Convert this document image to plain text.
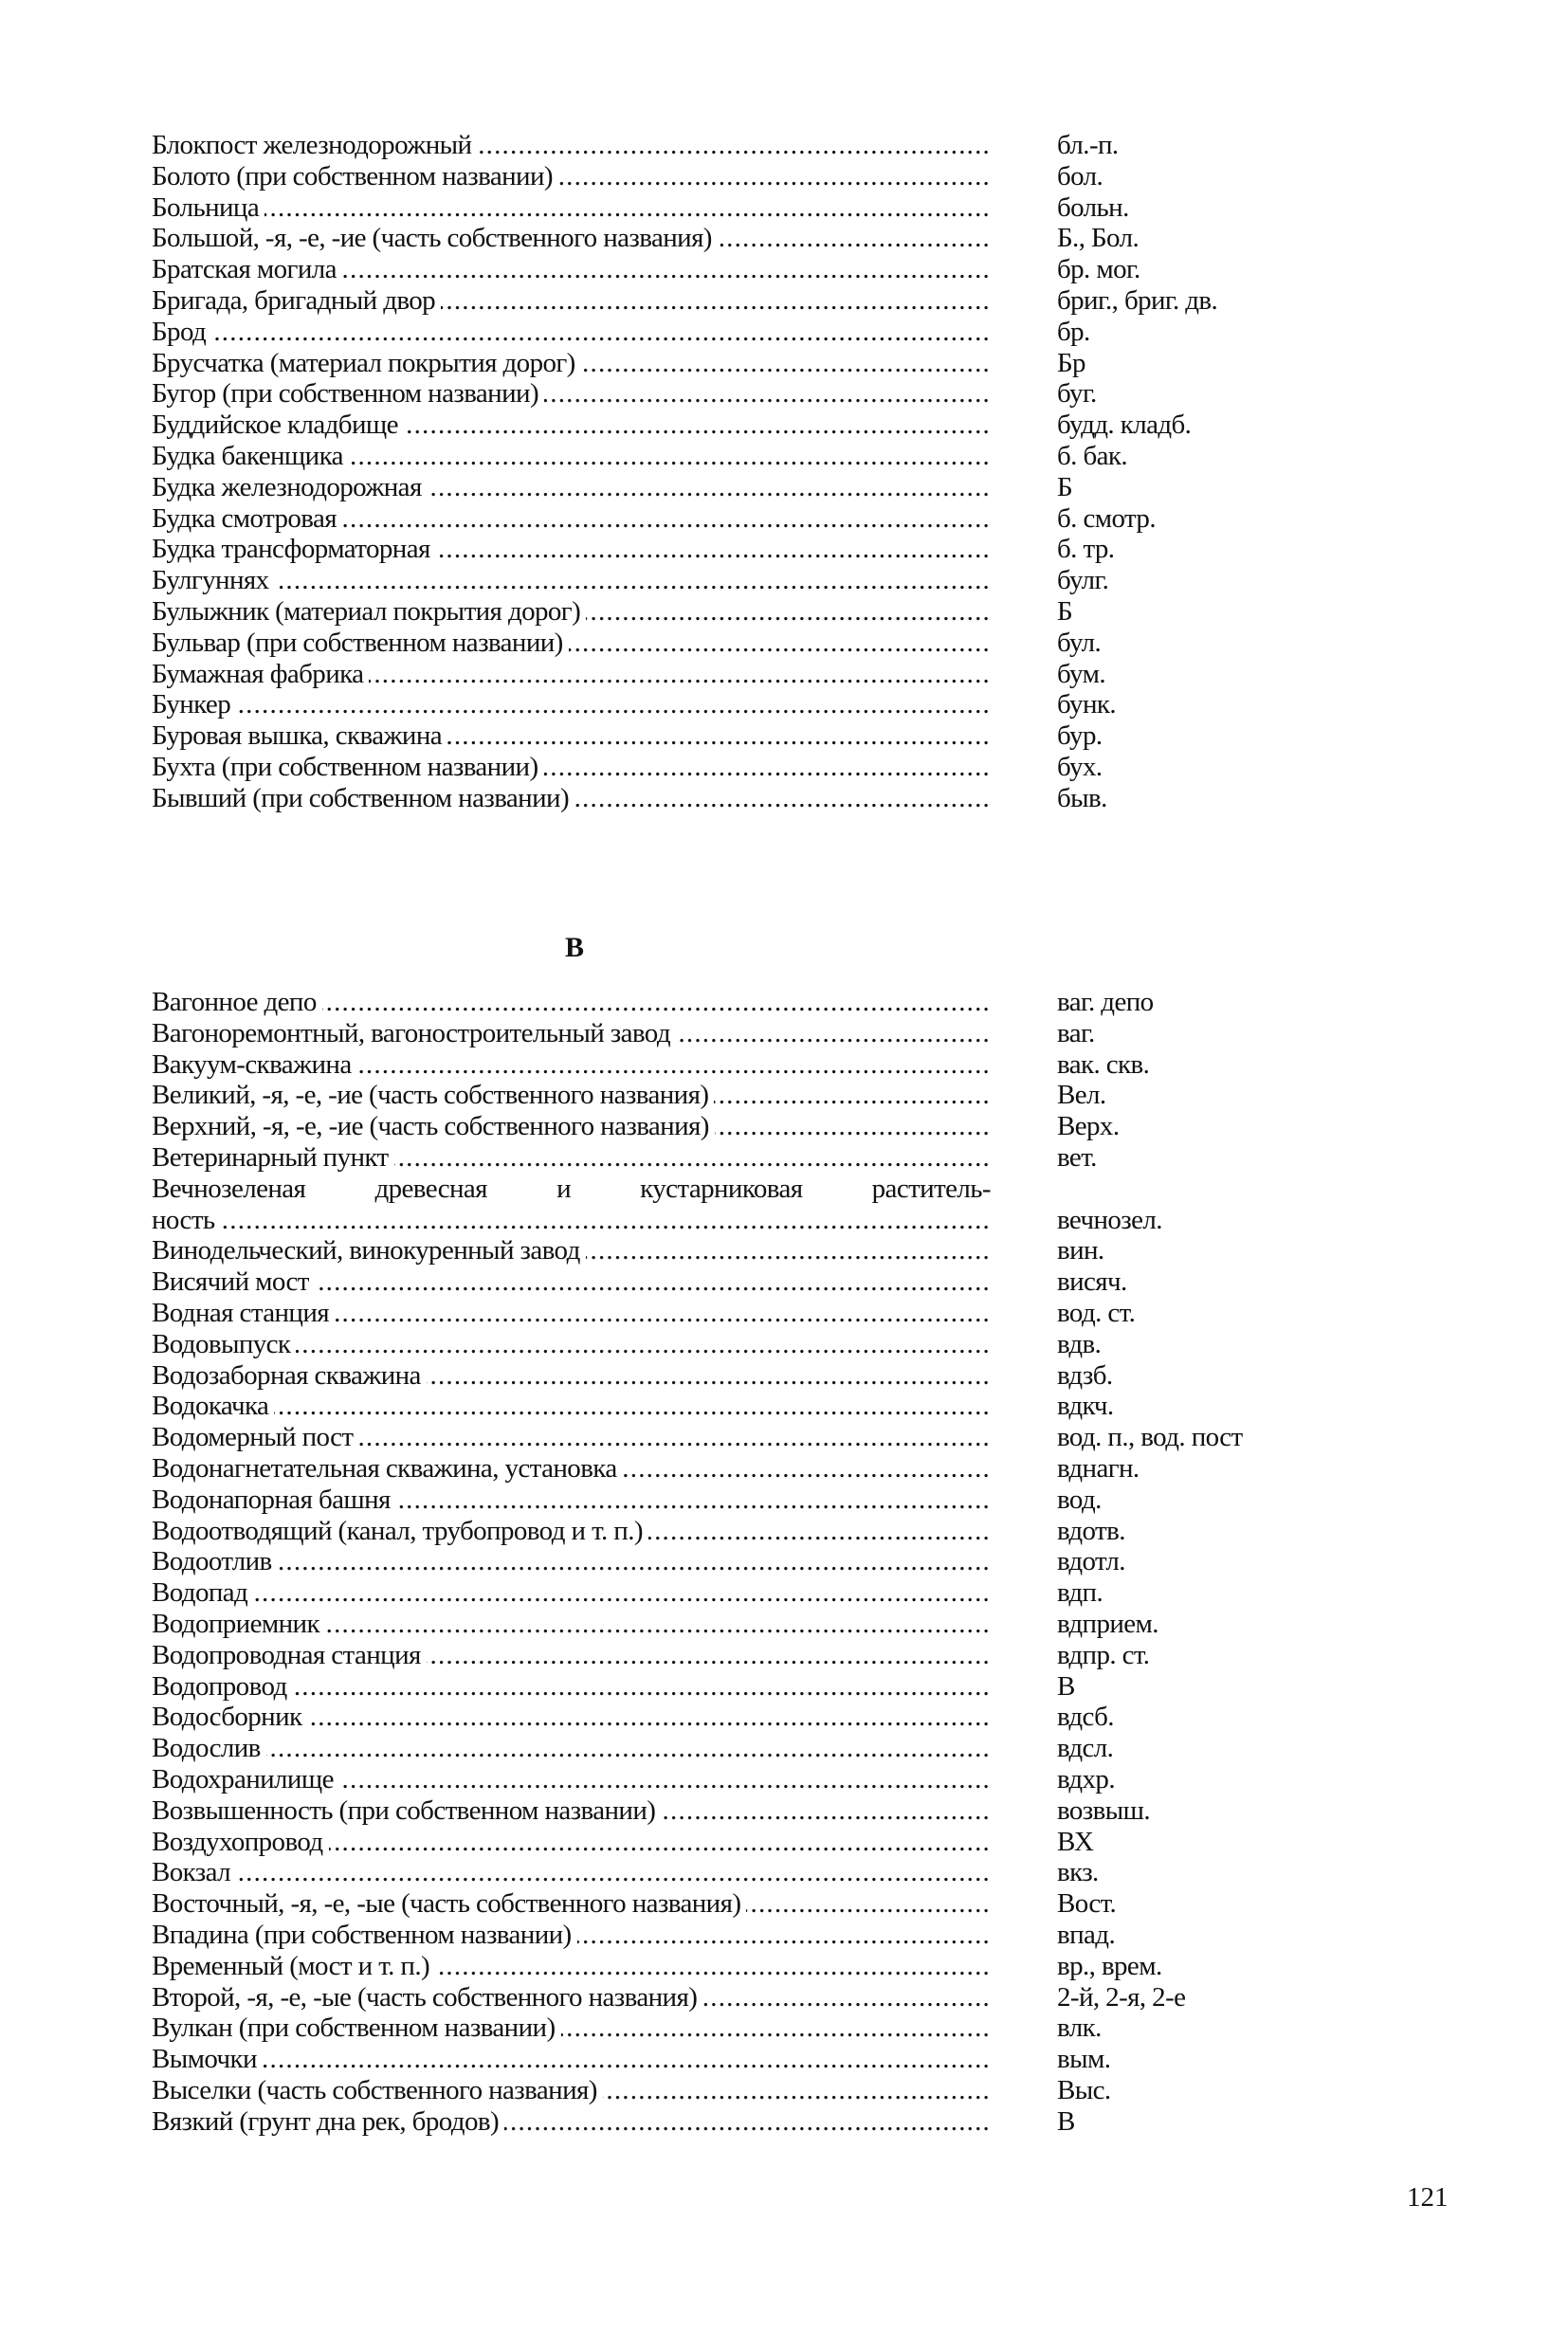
Блокпост железнодорожный .....	бл.-п.
Болото (при собственном названии) .....	бол.
Больница .....	больн.
Большой, -я, -е, -ие (часть собственного названия) .....	Б., Бол.
Братская могила .....	бр. мог.
Бригада, бригадный двор .....	бриг., бриг. дв.
Брод .....	бр.
Брусчатка (материал покрытия дорог) .....	Бр
Бугор (при собственном названии) .....	буг.
Буддийское кладбище .....	будд. кладб.
Будка бакенщика .....	б. бак.
Будка железнодорожная .....	Б
Будка смотровая .....	б. смотр.
Будка трансформаторная .....	б. тр.
Булгуннях .....	булг.
Булыжник (материал покрытия дорог) .....	Б
Бульвар (при собственном названии) .....	бул.
Бумажная фабрика .....	бум.
Бункер .....	бунк.
Буровая вышка, скважина .....	бур.
Бухта (при собственном названии) .....	бух.
Бывший (при собственном названии) .....	быв.
В
Вагонное депо .....	ваг. депо
Вагоноремонтный, вагоностроительный завод .....	ваг.
Вакуум-скважина .....	вак. скв.
Великий, -я, -е, -ие (часть собственного названия) .....	Вел.
Верхний, -я, -е, -ие (часть собственного названия) .....	Верх.
Ветеринарный пункт .....	вет.
Вечнозеленая древесная и кустарниковая раститель-
ность .....	вечнозел.
Винодельческий, винокуренный завод .....	вин.
Висячий мост .....	висяч.
Водная станция .....	вод. ст.
Водовыпуск .....	вдв.
Водозаборная скважина .....	вдзб.
Водокачка .....	вдкч.
Водомерный пост .....	вод. п., вод. пост
Водонагнетательная скважина, установка .....	вднагн.
Водонапорная башня .....	вод.
Водоотводящий (канал, трубопровод и т. п.) .....	вдотв.
Водоотлив .....	вдотл.
Водопад .....	вдп.
Водоприемник .....	вдприем.
Водопроводная станция .....	вдпр. ст.
Водопровод .....	В
Водосборник .....	вдсб.
Водослив .....	вдсл.
Водохранилище .....	вдхр.
Возвышенность (при собственном названии) .....	возвыш.
Воздухопровод .....	ВХ
Вокзал .....	вкз.
Восточный, -я, -е, -ые (часть собственного названия) .....	Вост.
Впадина (при собственном названии) .....	впад.
Временный (мост и т. п.) .....	вр., врем.
Второй, -я, -е, -ые (часть собственного названия) .....	2-й, 2-я, 2-е
Вулкан (при собственном названии) .....	влк.
Вымочки .....	вым.
Выселки (часть собственного названия) .....	Выс.
Вязкий (грунт дна рек, бродов) .....	В
121
